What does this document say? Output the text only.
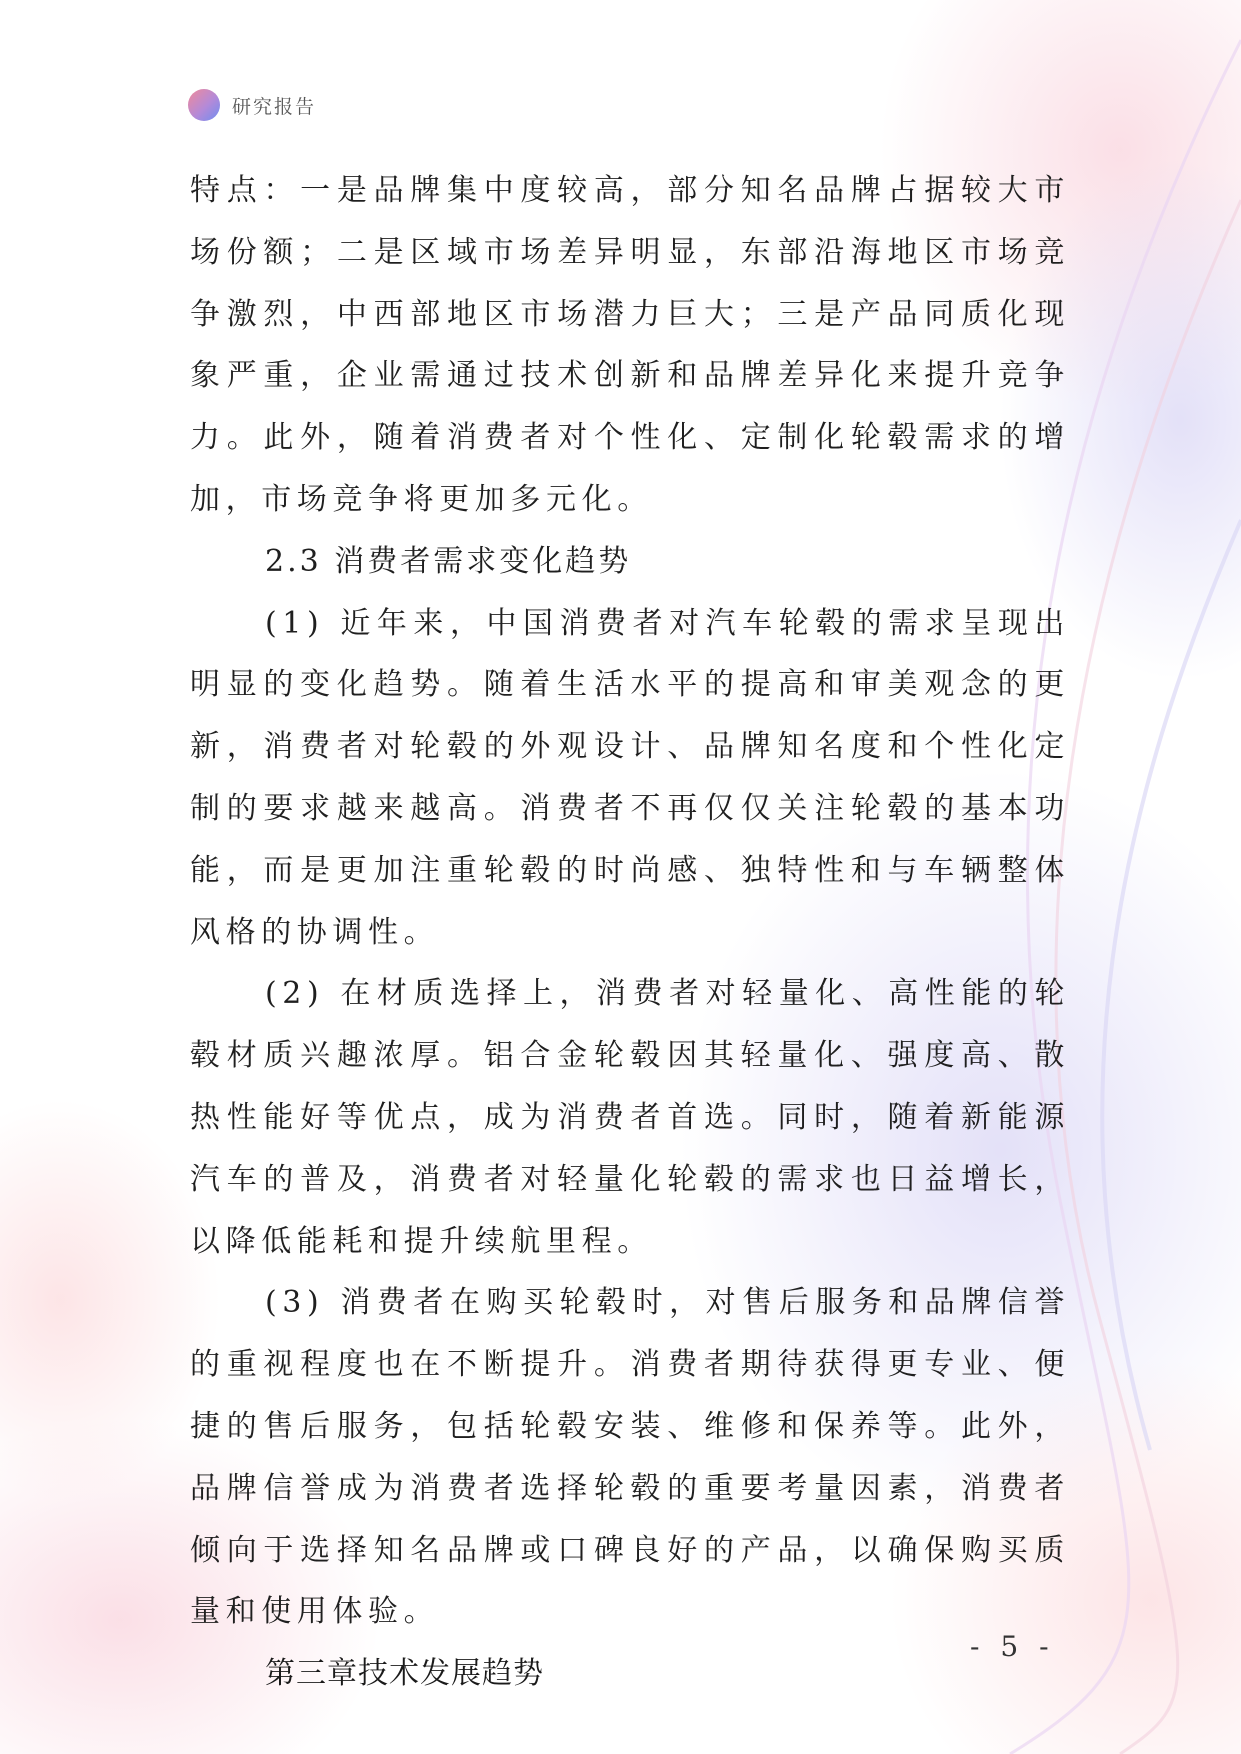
研究报告

特点：一是品牌集中度较高，部分知名品牌占据较大市场份额；二是区域市场差异明显，东部沿海地区市场竞争激烈，中西部地区市场潜力巨大；三是产品同质化现象严重，企业需通过技术创新和品牌差异化来提升竞争力。此外，随着消费者对个性化、定制化轮毂需求的增加，市场竞争将更加多元化。

2.3 消费者需求变化趋势

(1) 近年来，中国消费者对汽车轮毂的需求呈现出明显的变化趋势。随着生活水平的提高和审美观念的更新，消费者对轮毂的外观设计、品牌知名度和个性化定制的要求越来越高。消费者不再仅仅关注轮毂的基本功能，而是更加注重轮毂的时尚感、独特性和与车辆整体风格的协调性。

(2) 在材质选择上，消费者对轻量化、高性能的轮毂材质兴趣浓厚。铝合金轮毂因其轻量化、强度高、散热性能好等优点，成为消费者首选。同时，随着新能源汽车的普及，消费者对轻量化轮毂的需求也日益增长，以降低能耗和提升续航里程。

(3) 消费者在购买轮毂时，对售后服务和品牌信誉的重视程度也在不断提升。消费者期待获得更专业、便捷的售后服务，包括轮毂安装、维修和保养等。此外，品牌信誉成为消费者选择轮毂的重要考量因素，消费者倾向于选择知名品牌或口碑良好的产品，以确保购买质量和使用体验。

第三章技术发展趋势

- 5 -
